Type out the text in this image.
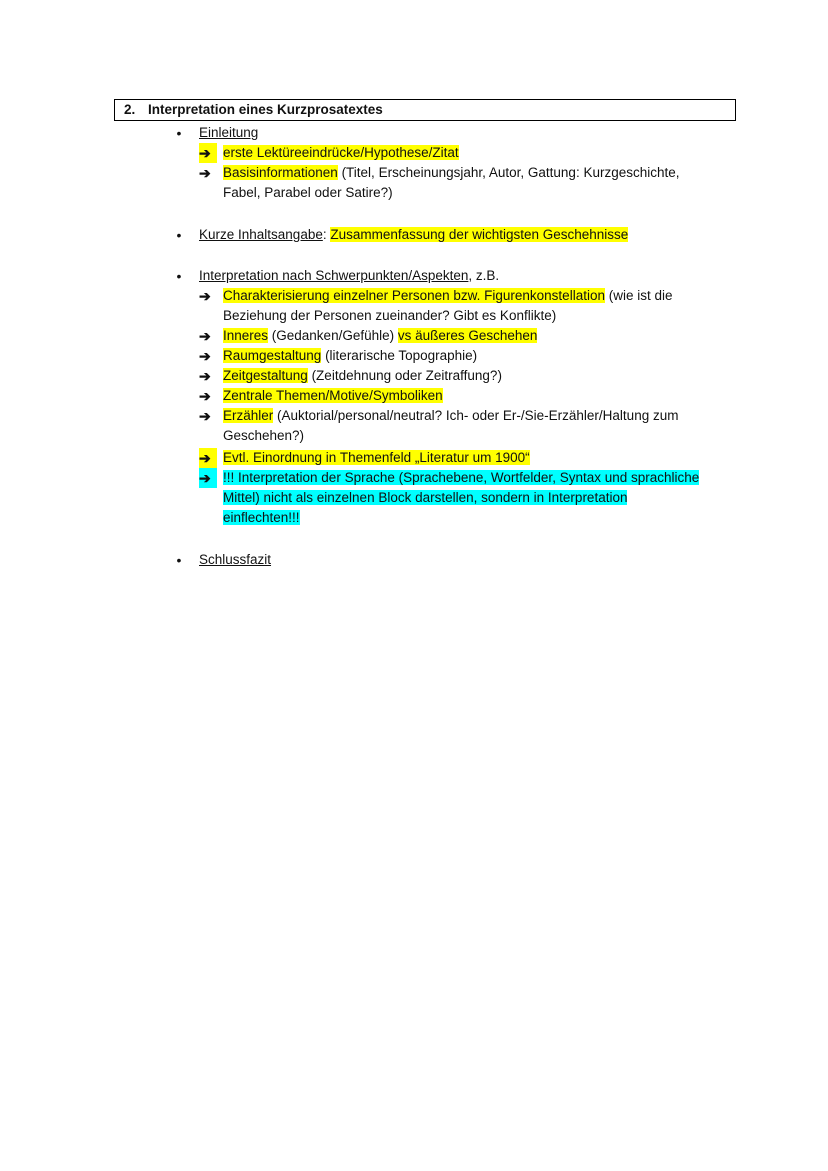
2. Interpretation eines Kurzprosatextes
•	Einleitung
➔ erste Lektüreeindrücke/Hypothese/Zitat
➔ Basisinformationen (Titel, Erscheinungsjahr, Autor, Gattung: Kurzgeschichte,
Fabel, Parabel oder Satire?)
•	Kurze Inhaltsangabe: Zusammenfassung der wichtigsten Geschehnisse
•	Interpretation nach Schwerpunkten/Aspekten, z.B.
➔ Charakterisierung einzelner Personen bzw. Figurenkonstellation (wie ist die
Beziehung der Personen zueinander? Gibt es Konflikte)
➔ Inneres (Gedanken/Gefühle) vs äußeres Geschehen
➔ Raumgestaltung (literarische Topographie)
➔ Zeitgestaltung (Zeitdehnung oder Zeitraffung?)
➔ Zentrale Themen/Motive/Symboliken
➔ Erzähler (Auktorial/personal/neutral? Ich- oder Er-/Sie-Erzähler/Haltung zum
Geschehen?)
➔ Evtl. Einordnung in Themenfeld „Literatur um 1900“
➔ !!! Interpretation der Sprache (Sprachebene, Wortfelder, Syntax und sprachliche
Mittel) nicht als einzelnen Block darstellen, sondern in Interpretation
einflechten!!!
•	Schlussfazit
